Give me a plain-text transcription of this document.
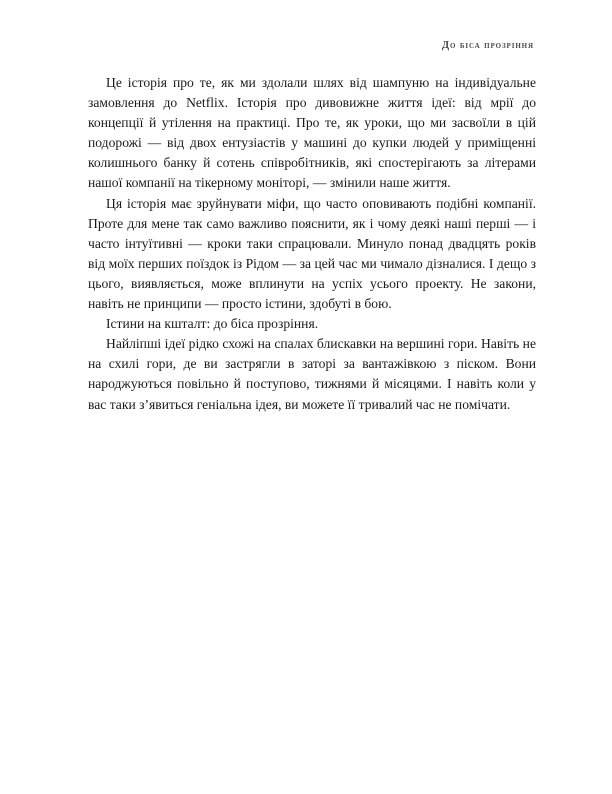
До біса прозріння

Це історія про те, як ми здолали шлях від шампуню на індивідуальне замовлення до Netflix. Історія про дивовижне життя ідеї: від мрії до концепції й утілення на практиці. Про те, як уроки, що ми засвоїли в цій подорожі — від двох ентузіастів у машині до купки людей у приміщенні колишнього банку й сотень співробітників, які спостерігають за літерами нашої компанії на тікерному моніторі, — змінили наше життя.

Ця історія має зруйнувати міфи, що часто оповивають подібні компанії. Проте для мене так само важливо пояснити, як і чому деякі наші перші — і часто інтуїтивні — кроки таки спрацювали. Минуло понад двадцять років від моїх перших поїздок із Рідом — за цей час ми чимало дізналися. І дещо з цього, виявляється, може вплинути на успіх усього проекту. Не закони, навіть не принципи — просто істини, здобуті в бою.

Істини на кшталт: до біса прозріння.

Найліпші ідеї рідко схожі на спалах блискавки на вершині гори. Навіть не на схилі гори, де ви застрягли в заторі за вантажівкою з піском. Вони народжуються повільно й поступово, тижнями й місяцями. І навіть коли у вас таки з’явиться геніальна ідея, ви можете її тривалий час не помічати.
